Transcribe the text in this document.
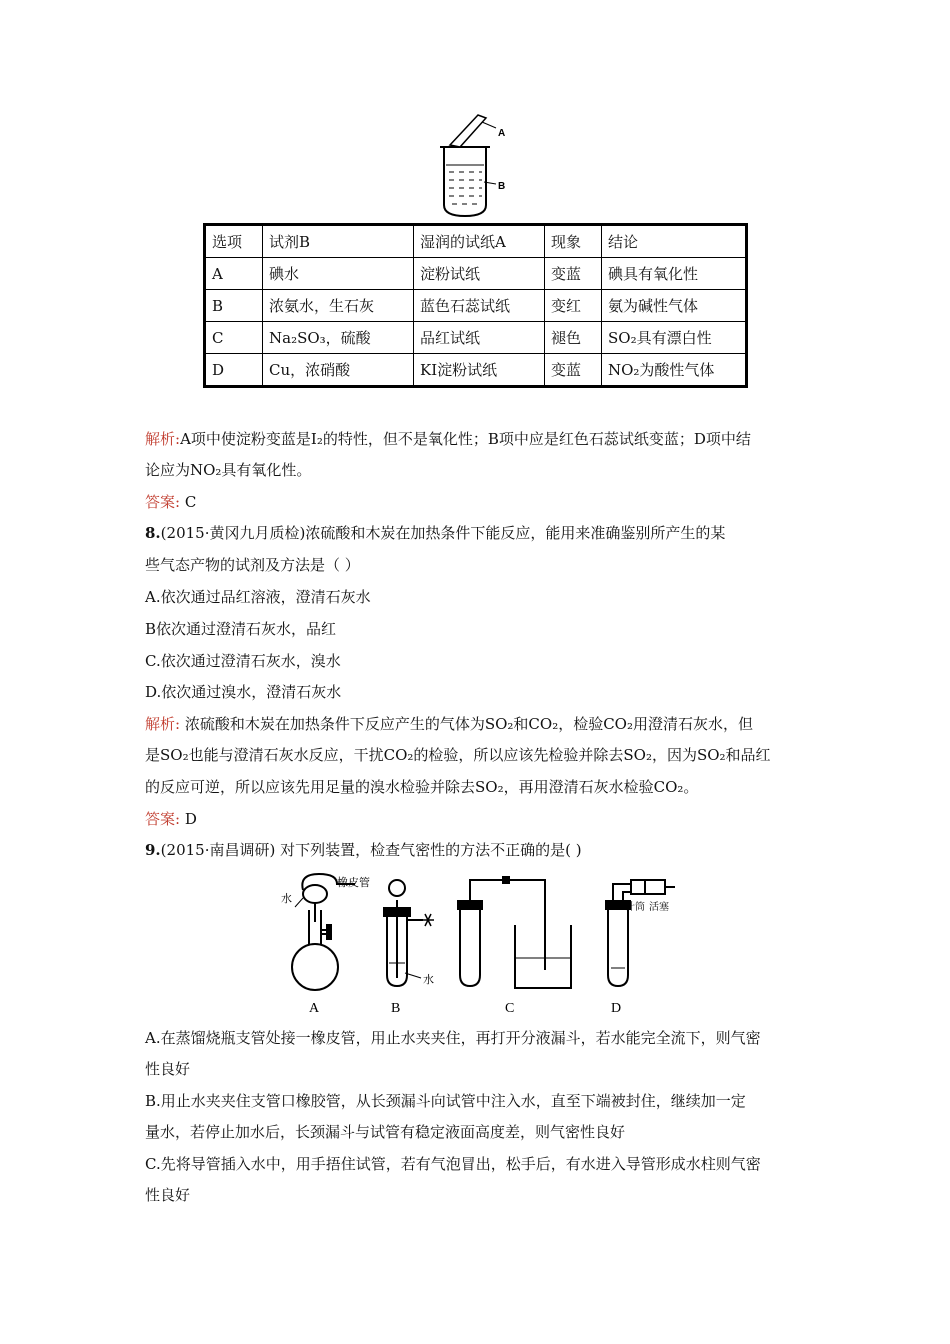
A
B
选项	试剂B	湿润的试纸A	现象	结论
A	碘水	淀粉试纸	变蓝	碘具有氧化性
B	浓氨水，生石灰	蓝色石蕊试纸	变红	氨为碱性气体
C	Na₂SO₃，硫酸	品红试纸	褪色	SO₂具有漂白性
D	Cu，浓硝酸	KI淀粉试纸	变蓝	NO₂为酸性气体
解析:A项中使淀粉变蓝是I₂的特性，但不是氧化性；B项中应是红色石蕊试纸变蓝；D项中结
论应为NO₂具有氧化性。
答案: C
8.(2015·黄冈九月质检)浓硫酸和木炭在加热条件下能反应，能用来准确鉴别所产生的某
些气态产物的试剂及方法是（ ）
A.依次通过品红溶液，澄清石灰水
B依次通过澄清石灰水，品红
C.依次通过澄清石灰水，溴水
D.依次通过溴水，澄清石灰水
解析: 浓硫酸和木炭在加热条件下反应产生的气体为SO₂和CO₂，检验CO₂用澄清石灰水，但
是SO₂也能与澄清石灰水反应，干扰CO₂的检验，所以应该先检验并除去SO₂，因为SO₂和品红
的反应可逆，所以应该先用足量的溴水检验并除去SO₂，再用澄清石灰水检验CO₂。
答案: D
9.(2015·南昌调研) 对下列装置，检查气密性的方法不正确的是( )
水
橡皮管
水
针筒 活塞
A	B	C	D
A.在蒸馏烧瓶支管处接一橡皮管，用止水夹夹住，再打开分液漏斗，若水能完全流下，则气密
性良好
B.用止水夹夹住支管口橡胶管，从长颈漏斗向试管中注入水，直至下端被封住，继续加一定
量水，若停止加水后，长颈漏斗与试管有稳定液面高度差，则气密性良好
C.先将导管插入水中，用手捂住试管，若有气泡冒出，松手后，有水进入导管形成水柱则气密
性良好
